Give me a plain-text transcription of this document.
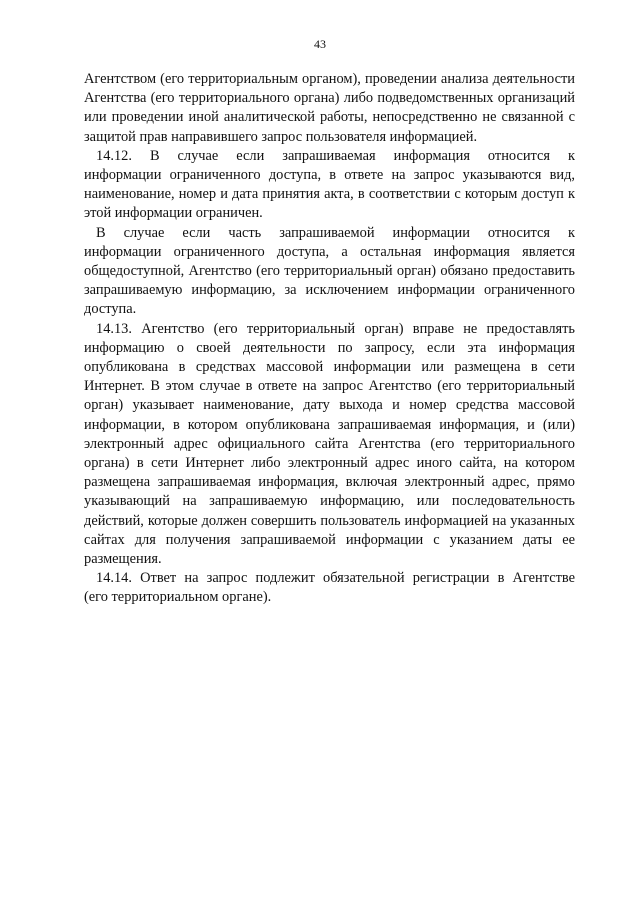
43

Агентством (его территориальным органом), проведении анализа деятельности
Агентства (его территориального органа) либо подведомственных организаций
или проведении иной аналитической работы, непосредственно не связанной с
защитой прав направившего запрос пользователя информацией.

14.12. В случае если запрашиваемая информация относится к
информации ограниченного доступа, в ответе на запрос указываются вид,
наименование, номер и дата принятия акта, в соответствии с которым доступ к
этой информации ограничен.

В случае если часть запрашиваемой информации относится к
информации ограниченного доступа, а остальная информация является
общедоступной, Агентство (его территориальный орган) обязано предоставить
запрашиваемую информацию, за исключением информации ограниченного
доступа.

14.13. Агентство (его территориальный орган) вправе не предоставлять
информацию о своей деятельности по запросу, если эта информация
опубликована в средствах массовой информации или размещена в сети
Интернет. В этом случае в ответе на запрос Агентство (его территориальный
орган) указывает наименование, дату выхода и номер средства массовой
информации, в котором опубликована запрашиваемая информация, и (или)
электронный адрес официального сайта Агентства (его территориального
органа) в сети Интернет либо электронный адрес иного сайта, на котором
размещена запрашиваемая информация, включая электронный адрес, прямо
указывающий на запрашиваемую информацию, или последовательность
действий, которые должен совершить пользователь информацией на указанных
сайтах для получения запрашиваемой информации с указанием даты ее
размещения.

14.14. Ответ на запрос подлежит обязательной регистрации в Агентстве
(его территориальном органе).
